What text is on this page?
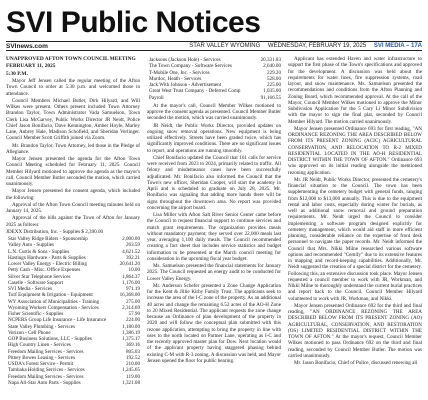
SVI Public Notices
SVInews.com	STAR VALLEY WYOMING WEDNESDAY, FEBRUARY 19, 2025 SVI MEDIA – 17A

UNAPPROVED AFTON TOWN COUNCIL MEETING

FEBRUARY 11, 2025

5:30 P.M.

Mayor Jeff Jensen called the regular meeting of the Afton Town Council to order at 5:30 p.m. and welcomed those in attendance.

Council Members Michael Butler, Dirk Hilyard, and Will Wilkes were present. Others present included Town Attorney Brandon Taylor, Town Administrator Vada Samuelson, Town Clerk Lisa McGarvey, Public Works Director JR Neidt, Police Chief Jason Bonifacio, Dave Kennington, Amber Hoyle, Marley Lane, Aubrey Hale, Madison Schofield, and Sheridan Verlinger. Council Member Scott Griffith joined via Zoom.

Mr. Brandon Taylor, Town Attorney, led those in the Pledge of Allegiance.

Mayor Jensen presented the agenda for the Afton Town Council Meeting scheduled for February 11, 2025. Council Member Hilyard motioned to approve the agenda as the mayor's call. Council Member Butler seconded the motion, which carried unanimously.

Mayor Jensen presented the consent agenda, which included the following:

Approval of the Afton Town Council meeting minutes held on January 14, 2025.

Approval of the bills against the Town of Afton for January 2025 as follows:

JDEXX Distribution, Inc. - Supplies $ 2,390.00

Star Valley Ridge Riders - Sponsorship	2,000.00
Valley Auto - Supplies	263.59
L.N. Curtis & Sons - Supplies	4,621.52
Hastings Hardware - Parts & Supplies	392.21
Lower Valley Energy - Electric Billing	20,641.20
Petty Cash - Misc. Office Expenses	10.00
Silver Star Telephone Services	1,864.37
Caselle - Software Support	1,176.00
SVI Media - Services	971.19
Turf Equipment & Irrigation - Equipment	16,368.00
WY Association of Municipalities - Training	275.00
Wyoming Workers Compensation - Services	2,314.69
Fisher Scientific - Supplies	57.90
NCPERS Group Life Insurance - Life Insurance	224.00
State Valley Plumbing - Services	1,180.00
Verizon - Cell Phone	1,386.19
GOP Business Solutions, LLC - Supplies	1,375.17
High Country Linen - Services	369.16
Freedom Mailing Services - Services	805.03
Pitney Bowes Leasing - Services	192.52
USDA's Forest Service - Permit	210.00
Tambaka Holding Services - Services	1,245.65
Freedom Mailing Services - Services	119.00
Napa All-Star Auto Parts - Supplies	1,321.08
Jacksons (Jackson Hole) - Services	20,331.83
The Town Company - Software Services	2,640.00
T-Mobile One, Inc. - Services	229.20
Murdoc, Heath - Services	528.00
Jack With Johnson - Advertisement	225.00
Great West Trust Company - Deferred Comp	1,035.00
Payroll	91,166.55

At the mayor's call, Council Member Wilkes motioned to approve the consent agenda as presented. Council Member Butler seconded the motion, which was carried unanimously.

JR Neidt, the Public Works Director, provided updates on ongoing snow removal operations. New equipment is being utilized effectively. Streets have been graded twice, which has significantly improved conditions. There are no significant issues to report, and operations are running smoothly.

Chief Bonifacio updated the Council that 161 calls for service were received from 2023 to 2024, primarily related to traffic. All felony and misdemeanor cases have been successfully adjudicated. Mr. Bonifacio also informed the Council that the Town's new officer, Sheridan Cooper, will start the academy in April and is scheduled to graduate on July 28, 2025. Mr. Bonifacio was signaling that adding more hands there will be signs throughout the downtown area. No report was provided concerning the airport board.

Lisa Miller with Afton Salt River Senior Center came before the Council to request financial support to continue services and match grant requirements. The organization provides meals without mandatory payment; they served over 22,000 meals last year, averaging 1,100 daily meals. The Council recommended creating a fact sheet that includes service statistics and budget information to be presented at the March council meeting for consideration in the upcoming fiscal year budget.

Ms. Samuelson presented the financial statements for January 2025. The Council requested an energy audit to be conducted for Lower Valley Energy.

Mr. Anderson Schefer presented a Zone Change Application for the Kent & Jillie Kirby Family Trust. The applicants seek to increase the area of the I-C zone of the property. As an additional 40 acres and change the remaining 6.52 acres of the AO-H Zone to 20 Mixed Residential. The applicant requests the zone change because an Ordinance of plan development of the property in 2020 and will follow the conceptual plan submitted with this rezone application, attempting to bring the property in line with uses to the north located on Partner Lane, operating as I-C and the recently approved master plan for Dow. Next location would of the applicant property having staggered phasing behind existing C-M with R-3 zoning. A discussion was held, and Mayor Jensen opened the floor for public hearing.

Applicant has extended Haven and water infrastructure to support the first phase of the Town's specifications and approved for the development. A discussion was held about the requirements for water lines, fire suppression systems, road layout, and snow maintenance. Ms. Samuelson presented the recommendations and conditions from the Afton Planning and Zoning Board, which recommended approval. At the call of the Mayor, Council Member Wilkes motioned to approve the Minor Subdivision Application for the 5 Cary Li Minor Subdivision with the mayor to sign the final plat, seconded by Council Member Hilyard. The motion carried unanimously.

Mayor Jensen presented Ordinance 693 for first reading, "AN ORDINANCE REZONING THE AREA DESCRIBED BELOW FROM ITS PRESENT ZONING (ACIC) AGRICULTURAL CONSERVATION, AND RELOCATION TO R-2 MIXED RESIDENTIAL LOCATED IN THE AO-H RESIDENTIAL DISTRICT WITHIN THE TOWN OF AFTON." Ordinance 693 was approved on its initial reading alongside the mentioned rezoning application.

Mr. JR Neidt, Public Works Director, presented the cemetery's financial situation to the Council. The town has been supplementing the cemetery budget with general funds, ranging from $12,000 to $13,000 annually. This is due to the equipment rental and labor costs, especially during winter for burials, as well as additional snow removal and ground preparation requirements. Mr. Neidt urged the Council to consider implementing a software program designed explicitly for cemetery management, which would aid staff in more efficient planning, considerable reliance on the expertise of front desk personnel to navigate the paper records. Mr. Neidt informed the Council that Mrs. Nikki Milne researched various software options and recommended "Cemify" due to its extensive features in mapping and record-keeping capabilities. Additionally, Mr. Neidt suggested the creation of a special district for the cemetery. Following this, an extensive discussion took place. Mayor Jensen requested a council member to work with JR, Workman, and Nikki Milne to thoroughly understand the current burial practices and report back to the Council. Council Member Hilyard volunteered to work with JR, Workman, and Nikki.

Mayor Jensen presented Ordinance 692 for the third and final reading, "AN ORDINANCE REZONING THE AREA DESCRIBED BELOW FROM ITS PRESENT ZONING (AO) AGRICULTURAL, CONSERVATION, AND RESTORATION (OS) LIMITED RESIDENTIAL DISTRICT WITHIN THE TOWN OF AFTON." At the mayor's request, Council Member Wilkes motioned to pass Ordinance 692 on the third and final reading, seconded by Council Member Butler. The motion was carried unanimously.

Mr. Jason Bonifacio, Chief of Police, discussed renewing all
